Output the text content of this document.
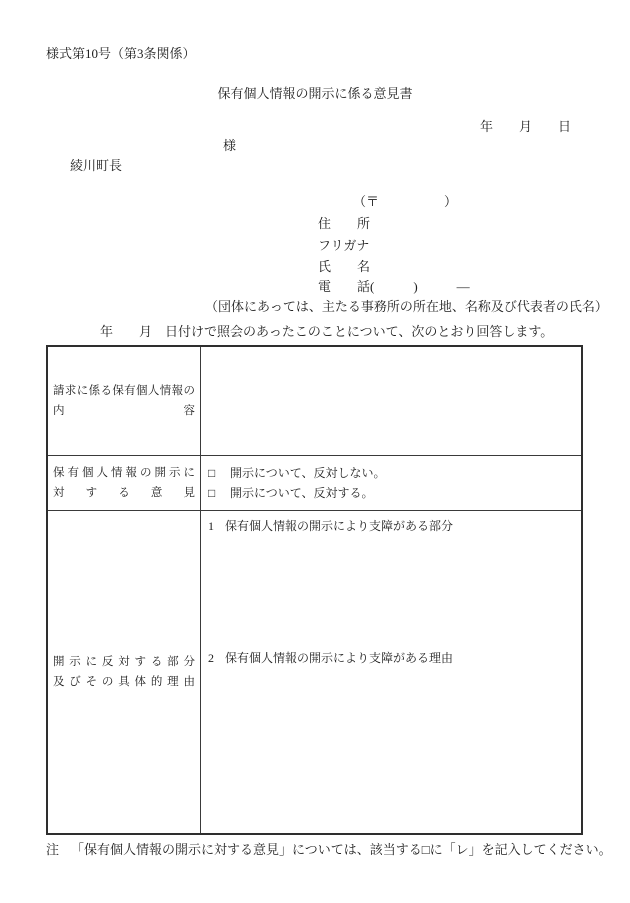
様式第10号（第3条関係）
保有個人情報の開示に係る意見書
年　　月　　日

綾川町長

様

（〒　　　　　）
住　　所
フリガナ
氏　　名
電　　話(　　　)　　　―
（団体にあっては、主たる事務所の所在地、名称及び代表者の氏名）
年　　月　日付けで照会のあったこのことについて、次のとおり回答します。
請求に係る保有個人情報の
内容
保有個人情報の開示に
対する意見
□	開示について、反対しない。
□	開示について、反対する。
開示に反対する部分
及びその具体的理由
1 保有個人情報の開示により支障がある部分
2 保有個人情報の開示により支障がある理由
注 「保有個人情報の開示に対する意見」については、該当する□に「レ」を記入してください。
